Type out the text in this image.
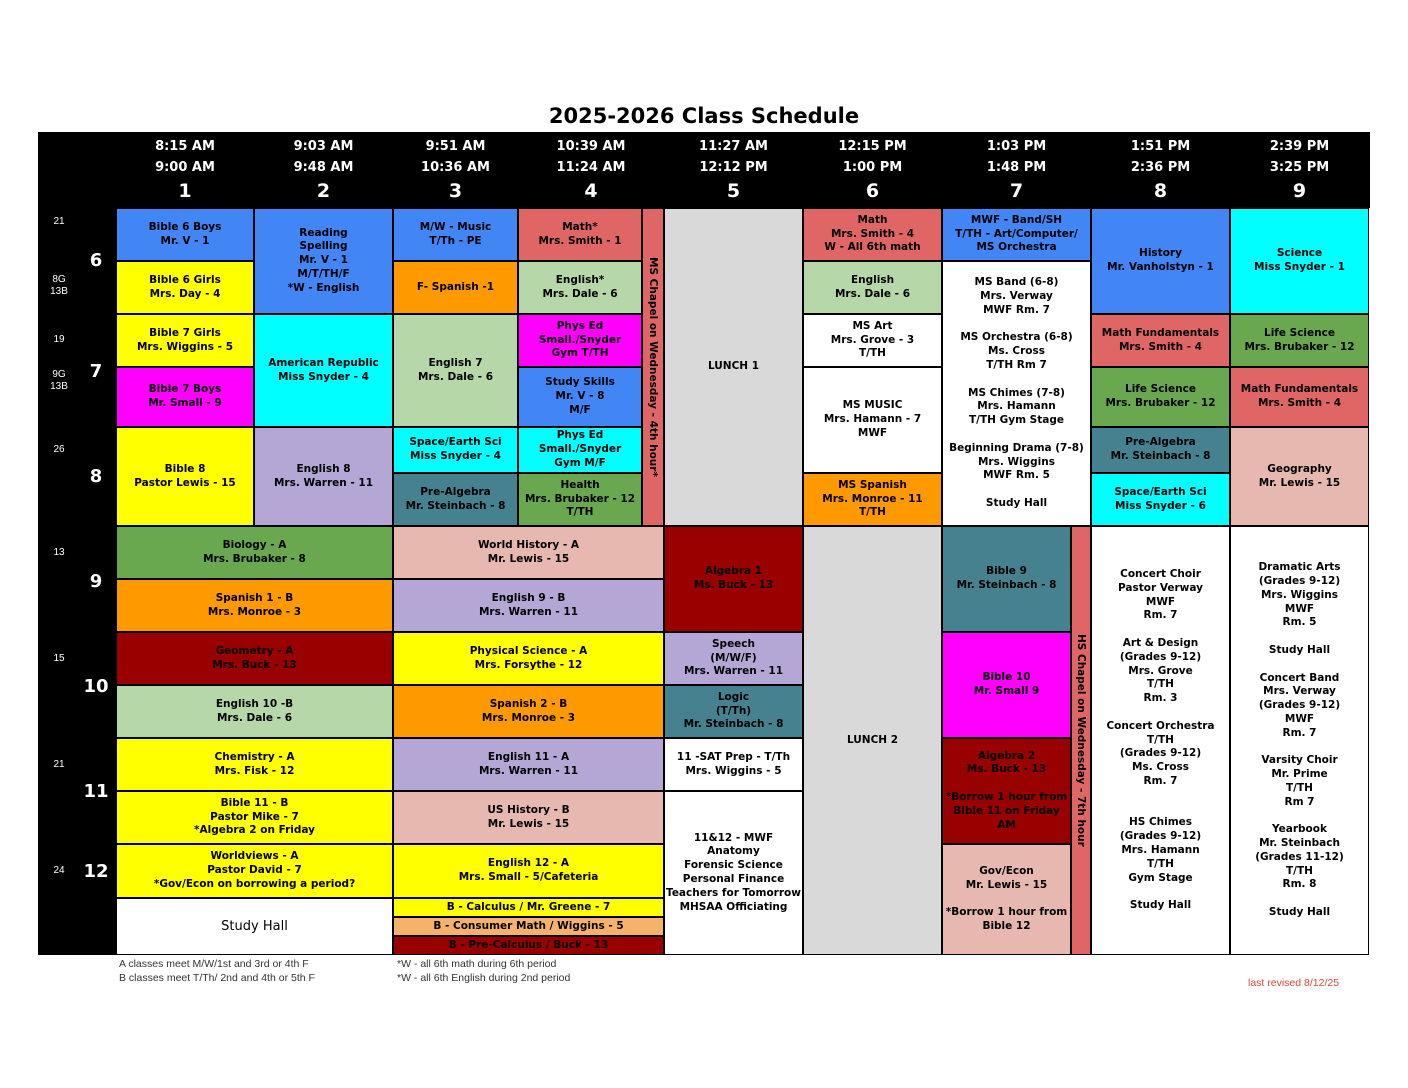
2025-2026 Class Schedule
8:15 AM
9:00 AM
1
9:03 AM
9:48 AM
2
9:51 AM
10:36 AM
3
10:39 AM
11:24 AM
4
11:27 AM
12:12 PM
5
12:15 PM
1:00 PM
6
1:03 PM
1:48 PM
7
1:51 PM
2:36 PM
8
2:39 PM
3:25 PM
9
6
7
8
9
10
11
12
21
8G
13B
19
9G
13B
26
13
15
21
24
Bible 6 Boys
Mr. V - 1
Bible 6 Girls
Mrs. Day - 4
Bible 7 Girls
Mrs. Wiggins - 5
Bible 7 Boys
Mr. Small - 9
Bible 8
Pastor Lewis - 15
Reading
Spelling
Mr. V - 1
M/T/TH/F
*W - English
American Republic
Miss Snyder - 4
English 8
Mrs. Warren - 11
M/W - Music
T/Th - PE
F- Spanish -1
English 7
Mrs. Dale - 6
Space/Earth Sci
Miss Snyder - 4
Pre-Algebra
Mr. Steinbach - 8
Math*
Mrs. Smith - 1
English*
Mrs. Dale - 6
Phys Ed
Small./Snyder
Gym T/TH
Study Skills
Mr. V - 8
M/F
Phys Ed
Small./Snyder
Gym M/F
Health
Mrs. Brubaker - 12
T/TH
LUNCH 1
Math
Mrs. Smith - 4
W - All 6th math
English
Mrs. Dale - 6
MS Art
Mrs. Grove - 3
T/TH
MS MUSIC
Mrs. Hamann - 7
MWF
MS Spanish
Mrs. Monroe - 11
T/TH
MWF - Band/SH
T/TH - Art/Computer/
MS Orchestra
MS Band (6-8)
Mrs. Verway
MWF Rm. 7

MS Orchestra (6-8)
Ms. Cross
T/TH Rm 7

MS Chimes (7-8)
Mrs. Hamann
T/TH Gym Stage

Beginning Drama (7-8)
Mrs. Wiggins
MWF Rm. 5

Study Hall
History
Mr. Vanholstyn - 1
Math Fundamentals
Mrs. Smith - 4
Life Science
Mrs. Brubaker - 12
Pre-Algebra
Mr. Steinbach - 8
Space/Earth Sci
Miss Snyder - 6
Science
Miss Snyder - 1
Life Science
Mrs. Brubaker - 12
Math Fundamentals
Mrs. Smith - 4
Geography
Mr. Lewis - 15
Biology - A
Mrs. Brubaker - 8
Spanish 1 - B
Mrs. Monroe - 3
Geometry - A
Mrs. Buck - 13
English 10 -B
Mrs. Dale - 6
Chemistry - A
Mrs. Fisk - 12
Bible 11 - B
Pastor Mike - 7
*Algebra 2 on Friday
Worldviews - A
Pastor David - 7
*Gov/Econ on borrowing a period?
Study Hall
World History - A
Mr. Lewis - 15
English 9 - B
Mrs. Warren - 11
Physical Science - A
Mrs. Forsythe - 12
Spanish 2 - B
Mrs. Monroe - 3
English 11 - A
Mrs. Warren - 11
US History - B
Mr. Lewis - 15
English 12 - A
Mrs. Small - 5/Cafeteria
B - Calculus / Mr. Greene - 7
B - Consumer Math / Wiggins - 5
B - Pre-Calculus / Buck - 13
Algebra 1
Ms. Buck - 13
Speech
(M/W/F)
Mrs. Warren - 11
Logic
(T/Th)
Mr. Steinbach - 8
11 -SAT Prep - T/Th
Mrs. Wiggins - 5
11&12 - MWF
Anatomy
Forensic Science
Personal Finance
Teachers for Tomorrow
MHSAA Officiating
LUNCH 2
Bible 9
Mr. Steinbach - 8
Bible 10
Mr. Small 9
Algebra 2
Ms. Buck - 13

*Borrow 1 hour from
Bible 11 on Friday AM
Gov/Econ
Mr. Lewis - 15

*Borrow 1 hour from
Bible 12
Concert Choir
Pastor Verway
MWF
Rm. 7

Art & Design
(Grades 9-12)
Mrs. Grove
T/TH
Rm. 3

Concert Orchestra
T/TH
(Grades 9-12)
Ms. Cross
Rm. 7

HS Chimes
(Grades 9-12)
Mrs. Hamann
T/TH
Gym Stage

Study Hall
Dramatic Arts
(Grades 9-12)
Mrs. Wiggins
MWF
Rm. 5

Study Hall

Concert Band
Mrs. Verway
(Grades 9-12)
MWF
Rm. 7

Varsity Choir
Mr. Prime
T/TH
Rm 7

Yearbook
Mr. Steinbach
(Grades 11-12)
T/TH
Rm. 8

Study Hall
MS Chapel on Wednesday - 4th hour*
HS Chapel on Wednesday - 7th hour
A classes meet M/W/1st and 3rd or 4th F
B classes meet T/Th/ 2nd and 4th or 5th F
*W - all 6th math during 6th period
*W - all 6th English during 2nd period	last revised 8/12/25
